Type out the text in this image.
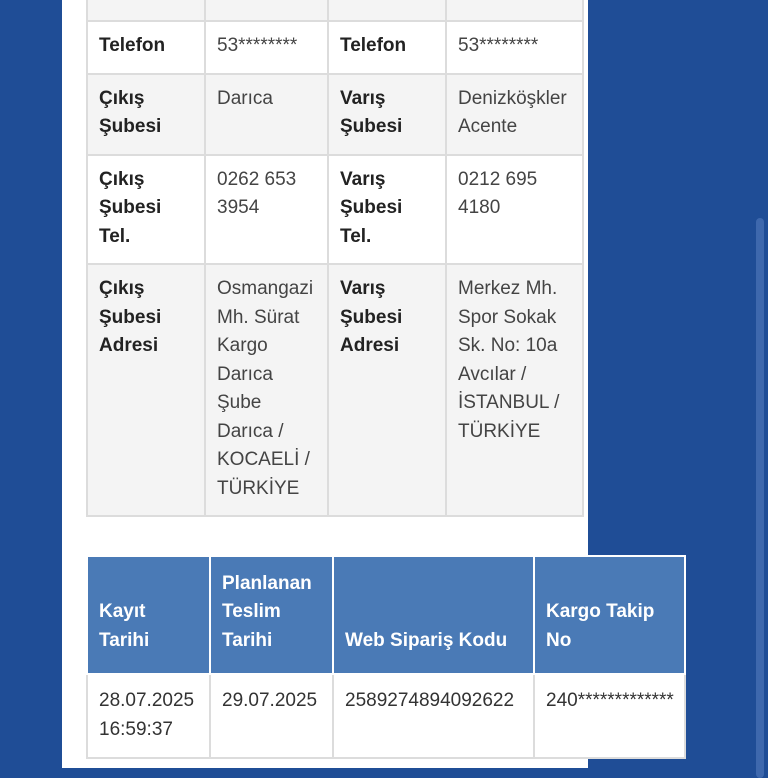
Telefon	53********	Telefon	53********
Çıkış Şubesi	Darıca	Varış Şubesi	Denizköşkler Acente
Çıkış Şubesi Tel.	0262 653 3954	Varış Şubesi Tel.	0212 695 4180
Çıkış Şubesi Adresi	Osmangazi Mh. Sürat Kargo Darıca Şube Darıca / KOCAELİ / TÜRKİYE	Varış Şubesi Adresi	Merkez Mh. Spor Sokak Sk. No: 10a Avcılar / İSTANBUL / TÜRKİYE
Kayıt Tarihi	Planlanan Teslim Tarihi	Web Sipariş Kodu	Kargo Takip No
28.07.2025 16:59:37	29.07.2025	2589274894092622	240*************
